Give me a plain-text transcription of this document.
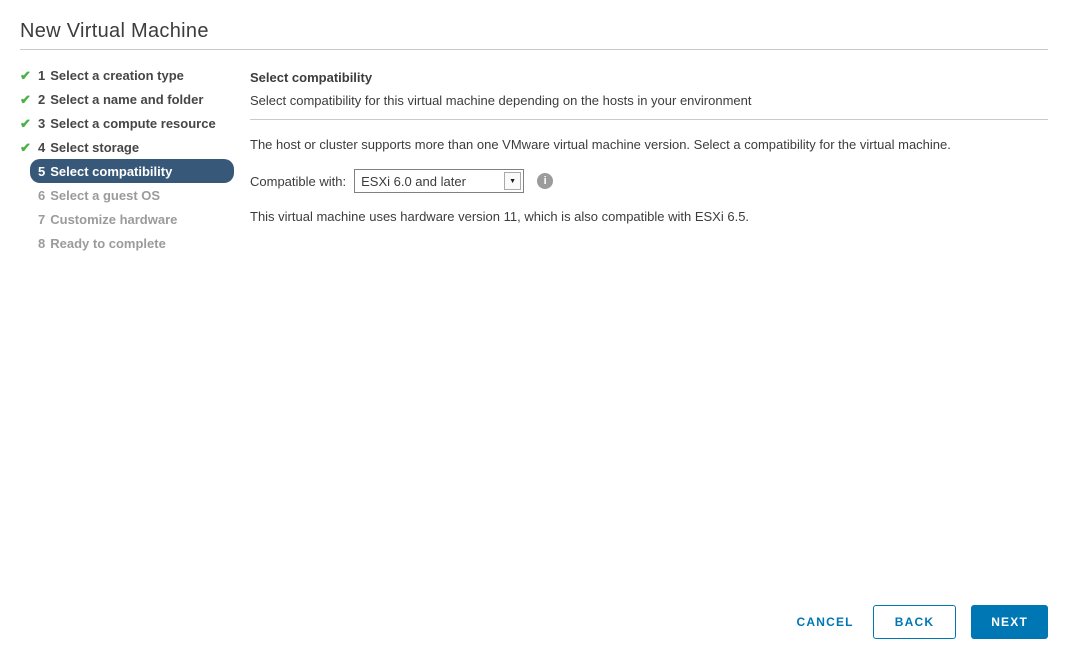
New Virtual Machine
✔ 1 Select a creation type
✔ 2 Select a name and folder
✔ 3 Select a compute resource
✔ 4 Select storage
5 Select compatibility
6 Select a guest OS
7 Customize hardware
8 Ready to complete
Select compatibility
Select compatibility for this virtual machine depending on the hosts in your environment
The host or cluster supports more than one VMware virtual machine version. Select a compatibility for the virtual machine.
Compatible with:	ESXi 6.0 and later	▼	i
This virtual machine uses hardware version 11, which is also compatible with ESXi 6.5.
CANCEL	BACK	NEXT
